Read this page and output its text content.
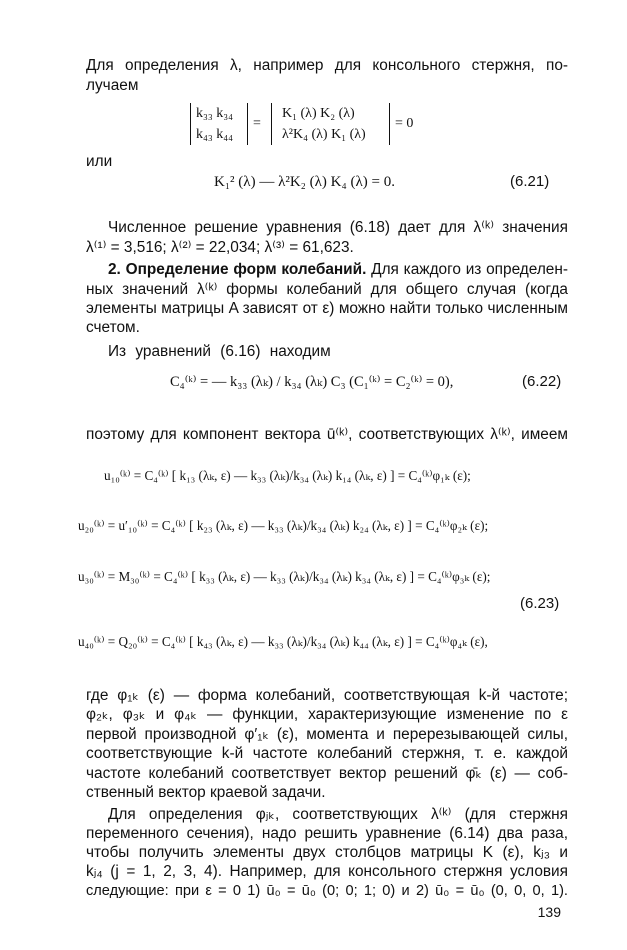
Для определения λ, например для консольного стержня, по-
лучаем
k₃₃ k₃₄
k₄₃ k₄₄
=
K₁ (λ) K₂ (λ)
λ²K₄ (λ) K₁ (λ)
= 0
или
K₁² (λ) — λ²K₂ (λ) K₄ (λ) = 0.	(6.21)
Численное решение уравнения (6.18) дает для λ⁽ᵏ⁾ значения
λ⁽¹⁾ = 3,516; λ⁽²⁾ = 22,034; λ⁽³⁾ = 61,623.
2. Определение форм колебаний. Для каждого из определен-
ных значений λ⁽ᵏ⁾ формы колебаний для общего случая (когда
элементы матрицы A зависят от ε) можно найти только численным
счетом.
Из уравнений (6.16) находим
C₄⁽ᵏ⁾ = — k₃₃ (λₖ) / k₃₄ (λₖ) C₃ (C₁⁽ᵏ⁾ = C₂⁽ᵏ⁾ = 0),	(6.22)
поэтому для компонент вектора ū⁽ᵏ⁾, соответствующих λ⁽ᵏ⁾, имеем
u₁₀⁽ᵏ⁾ = C₄⁽ᵏ⁾ [ k₁₃ (λₖ, ε) — k₃₃ (λₖ)/k₃₄ (λₖ) k₁₄ (λₖ, ε) ] = C₄⁽ᵏ⁾φ₁ₖ (ε);
u₂₀⁽ᵏ⁾ = u′₁₀⁽ᵏ⁾ = C₄⁽ᵏ⁾ [ k₂₃ (λₖ, ε) — k₃₃ (λₖ)/k₃₄ (λₖ) k₂₄ (λₖ, ε) ] = C₄⁽ᵏ⁾φ₂ₖ (ε);
u₃₀⁽ᵏ⁾ = M₃₀⁽ᵏ⁾ = C₄⁽ᵏ⁾ [ k₃₃ (λₖ, ε) — k₃₃ (λₖ)/k₃₄ (λₖ) k₃₄ (λₖ, ε) ] = C₄⁽ᵏ⁾φ₃ₖ (ε);
(6.23)
u₄₀⁽ᵏ⁾ = Q₂₀⁽ᵏ⁾ = C₄⁽ᵏ⁾ [ k₄₃ (λₖ, ε) — k₃₃ (λₖ)/k₃₄ (λₖ) k₄₄ (λₖ, ε) ] = C₄⁽ᵏ⁾φ₄ₖ (ε),
где φ₁ₖ (ε) — форма колебаний, соответствующая k-й частоте;
φ₂ₖ, φ₃ₖ и φ₄ₖ — функции, характеризующие изменение по ε
первой производной φ′₁ₖ (ε), момента и перерезывающей силы,
соответствующие k-й частоте колебаний стержня, т. е. каждой
частоте колебаний соответствует вектор решений φ̄ₖ (ε) — соб-
ственный вектор краевой задачи.
Для определения φⱼₖ, соответствующих λ⁽ᵏ⁾ (для стержня
переменного сечения), надо решить уравнение (6.14) два раза,
чтобы получить элементы двух столбцов матрицы K (ε), kⱼ₃ и
kⱼ₄ (j = 1, 2, 3, 4). Например, для консольного стержня условия
следующие: при ε = 0 1) ū₀ = ū₀ (0; 0; 1; 0) и 2) ū₀ = ū₀ (0, 0, 0, 1).
139
